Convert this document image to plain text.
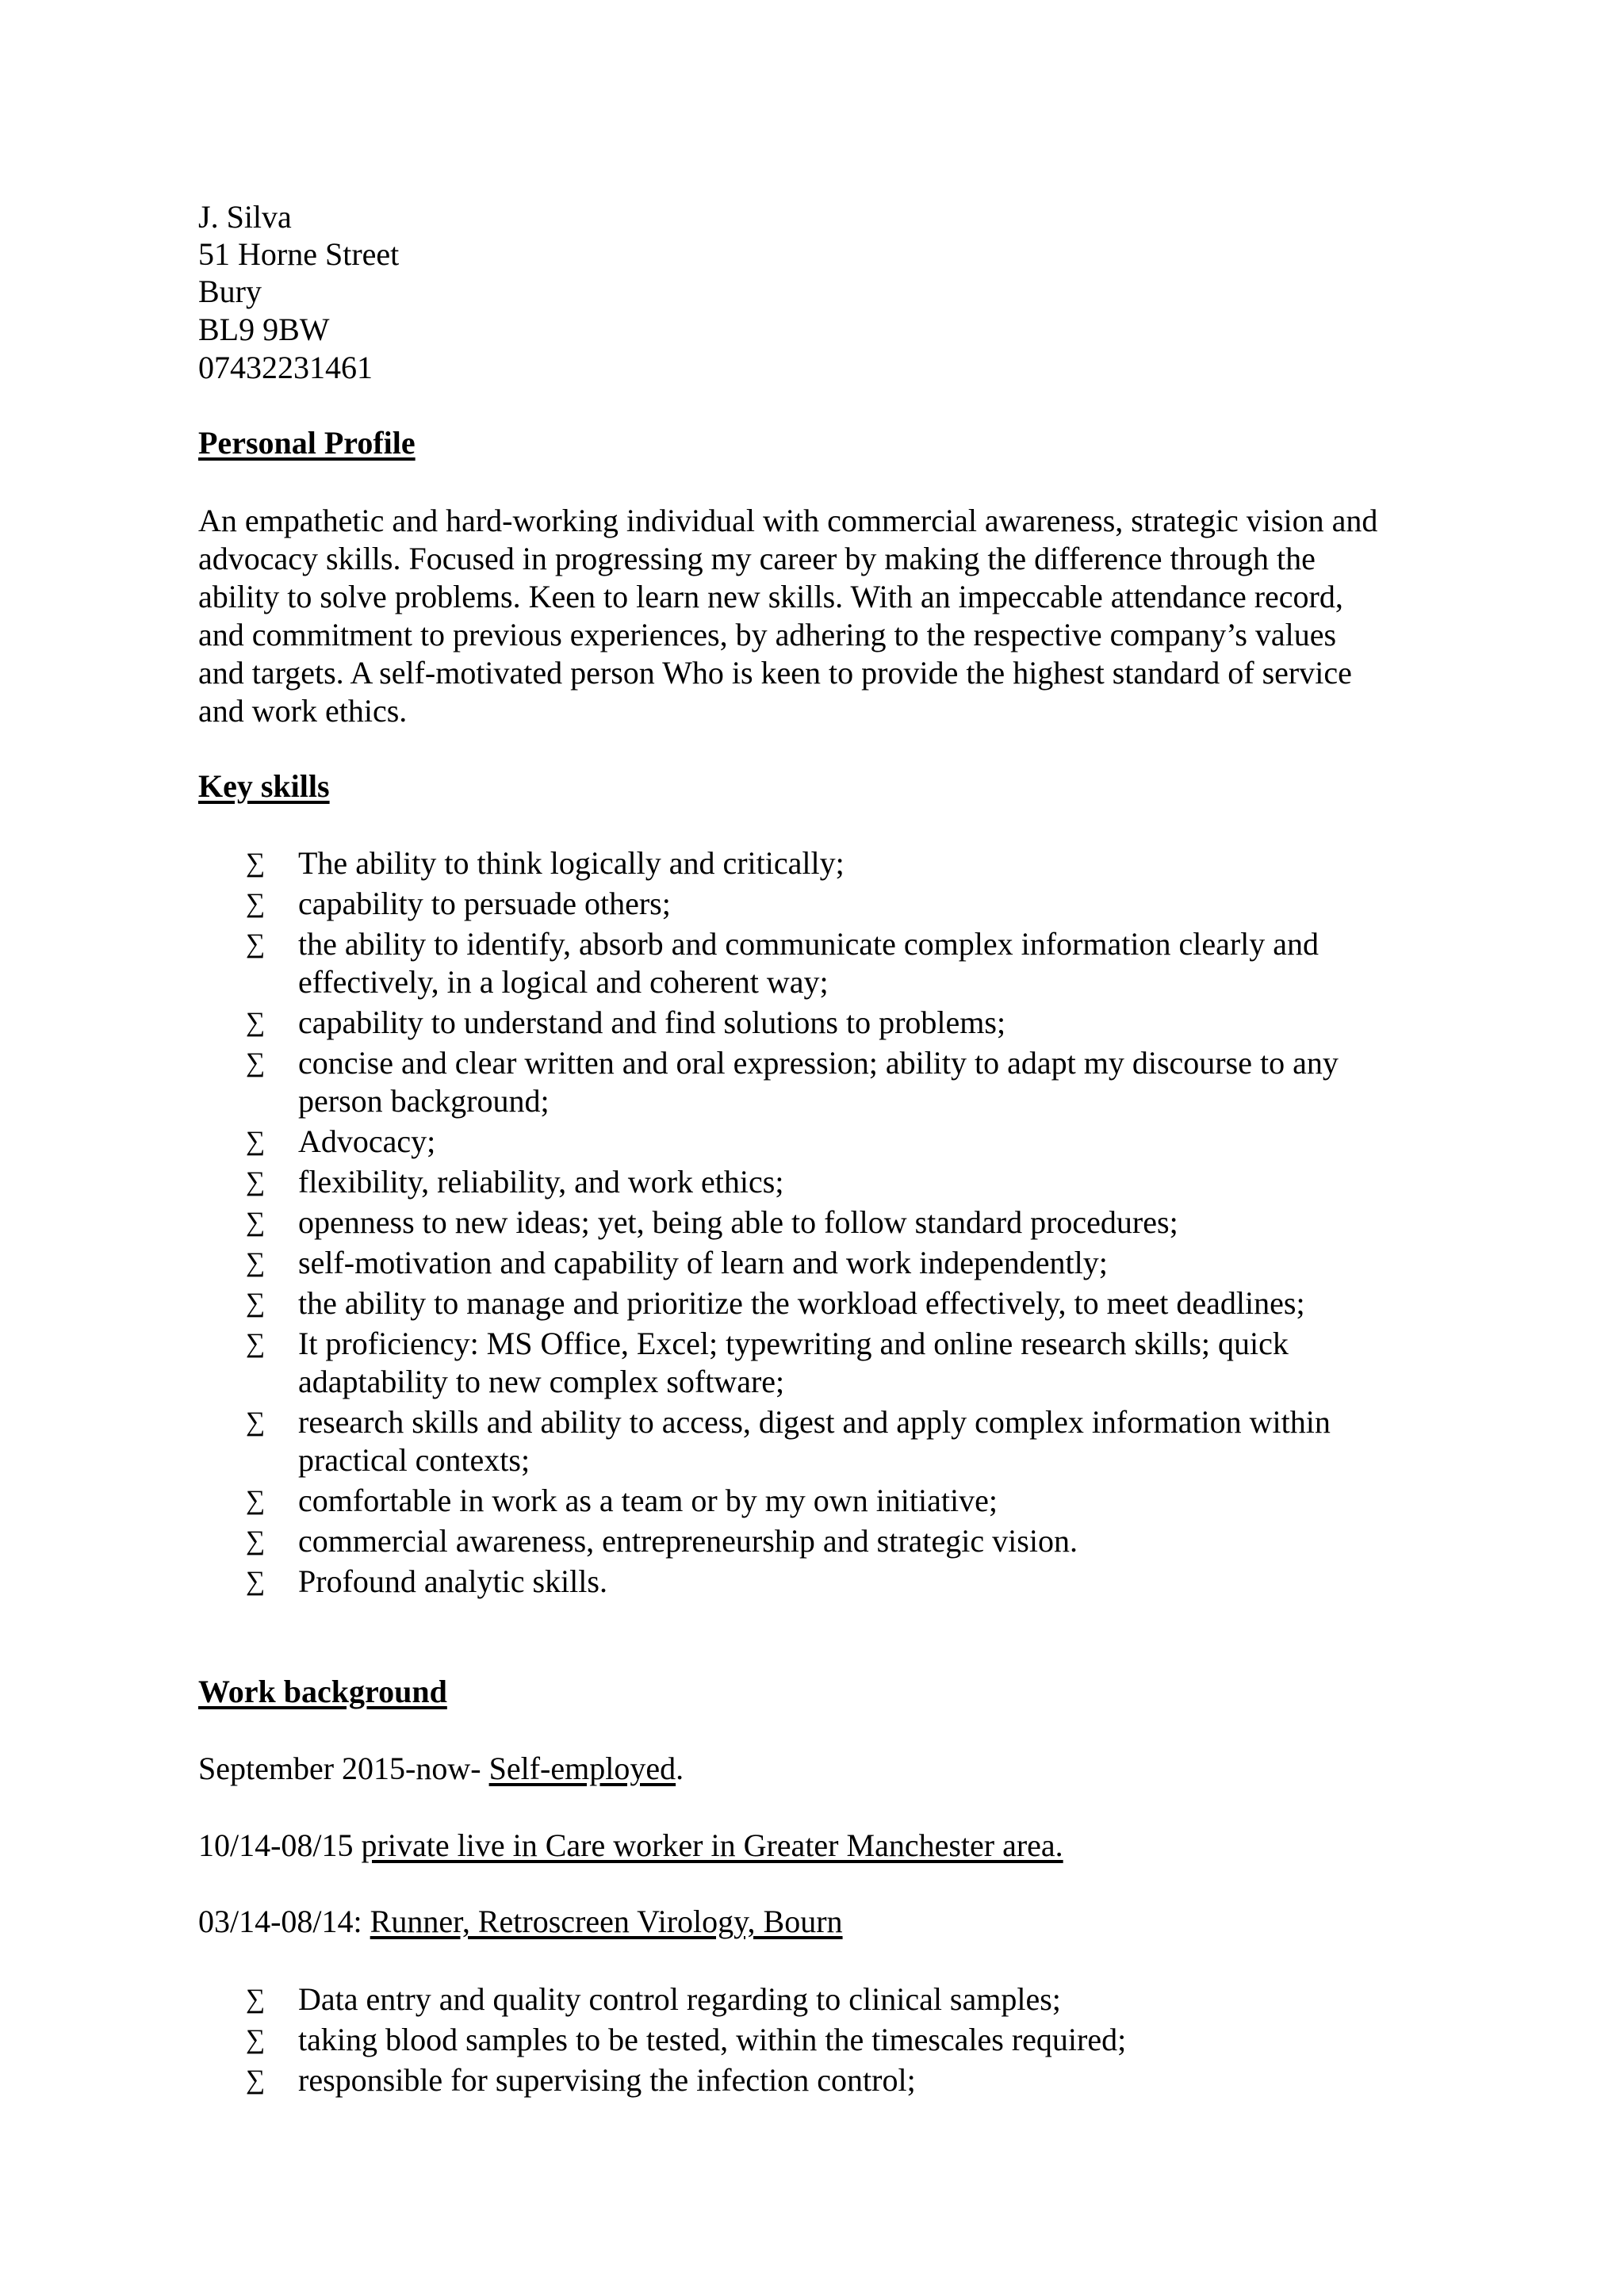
J. Silva
51 Horne Street
Bury
BL9 9BW
07432231461
Personal Profile
An empathetic and hard-working individual with commercial awareness, strategic vision and
advocacy skills. Focused in progressing my career by making the difference through the
ability to solve problems. Keen to learn new skills. With an impeccable attendance record,
and commitment to previous experiences, by adhering to the respective company’s values
and targets. A self-motivated person Who is keen to provide the highest standard of service
and work ethics.
Key skills
∑	The ability to think logically and critically;
∑	capability to persuade others;
∑	the ability to identify, absorb and communicate complex information clearly and
effectively, in a logical and coherent way;
∑	capability to understand and find solutions to problems;
∑	concise and clear written and oral expression; ability to adapt my discourse to any
person background;
∑	Advocacy;
∑	flexibility, reliability, and work ethics;
∑	openness to new ideas; yet, being able to follow standard procedures;
∑	self-motivation and capability of learn and work independently;
∑	the ability to manage and prioritize the workload effectively, to meet deadlines;
∑	It proficiency: MS Office, Excel; typewriting and online research skills; quick
adaptability to new complex software;
∑	research skills and ability to access, digest and apply complex information within
practical contexts;
∑	comfortable in work as a team or by my own initiative;
∑	commercial awareness, entrepreneurship and strategic vision.
∑	Profound analytic skills.
Work background
September 2015-now- Self-employed.
10/14-08/15 private live in Care worker in Greater Manchester area.
03/14-08/14: Runner, Retroscreen Virology, Bourn
∑	Data entry and quality control regarding to clinical samples;
∑	taking blood samples to be tested, within the timescales required;
∑	responsible for supervising the infection control;
